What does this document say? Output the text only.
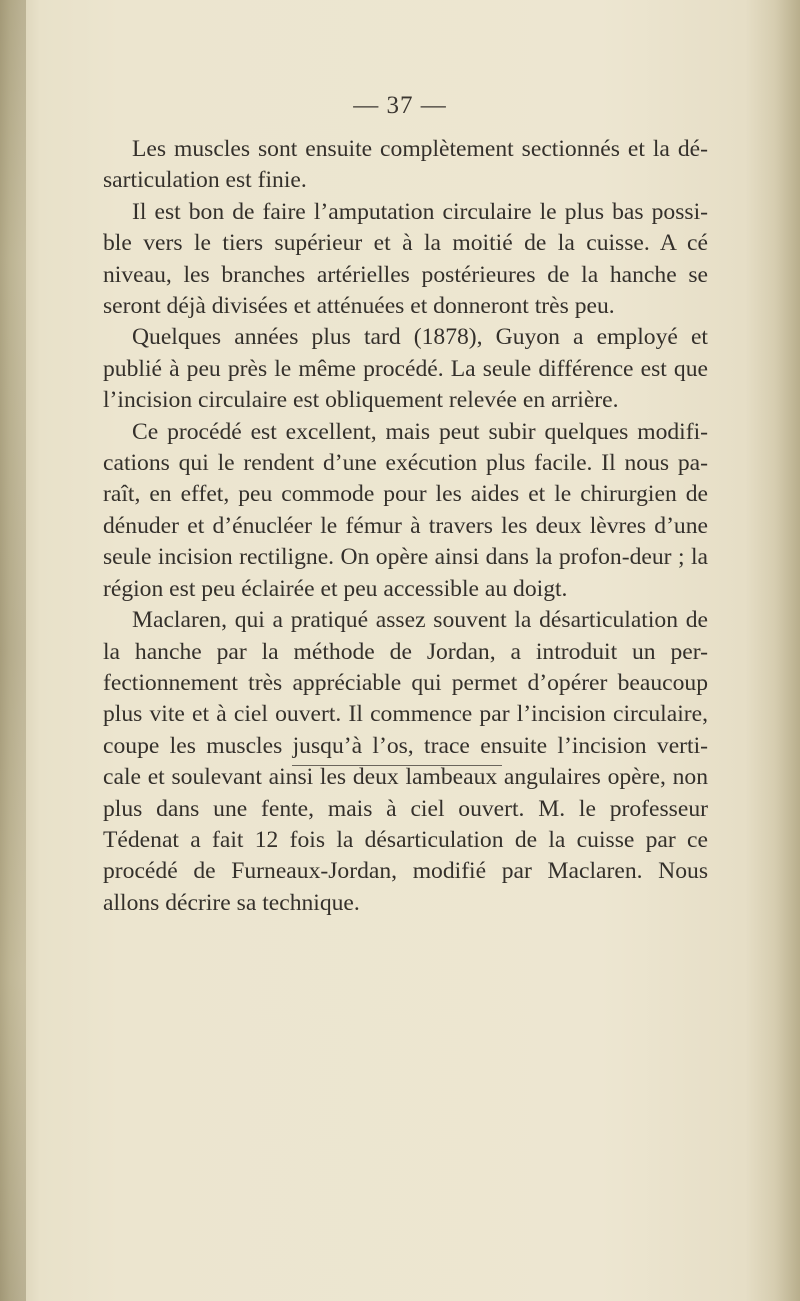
— 37 —

Les muscles sont ensuite complètement sectionnés et la dé-sarticulation est finie.

Il est bon de faire l’amputation circulaire le plus bas possi-ble vers le tiers supérieur et à la moitié de la cuisse. A cé niveau, les branches artérielles postérieures de la hanche se seront déjà divisées et atténuées et donneront très peu.

Quelques années plus tard (1878), Guyon a employé et publié à peu près le même procédé. La seule différence est que l’incision circulaire est obliquement relevée en arrière.

Ce procédé est excellent, mais peut subir quelques modifi-cations qui le rendent d’une exécution plus facile. Il nous pa-raît, en effet, peu commode pour les aides et le chirurgien de dénuder et d’énucléer le fémur à travers les deux lèvres d’une seule incision rectiligne. On opère ainsi dans la profon-deur ; la région est peu éclairée et peu accessible au doigt.

Maclaren, qui a pratiqué assez souvent la désarticulation de la hanche par la méthode de Jordan, a introduit un per-fectionnement très appréciable qui permet d’opérer beaucoup plus vite et à ciel ouvert. Il commence par l’incision circulaire, coupe les muscles jusqu’à l’os, trace ensuite l’incision verti-cale et soulevant ainsi les deux lambeaux angulaires opère, non plus dans une fente, mais à ciel ouvert. M. le professeur Tédenat a fait 12 fois la désarticulation de la cuisse par ce procédé de Furneaux-Jordan, modifié par Maclaren. Nous allons décrire sa technique.
